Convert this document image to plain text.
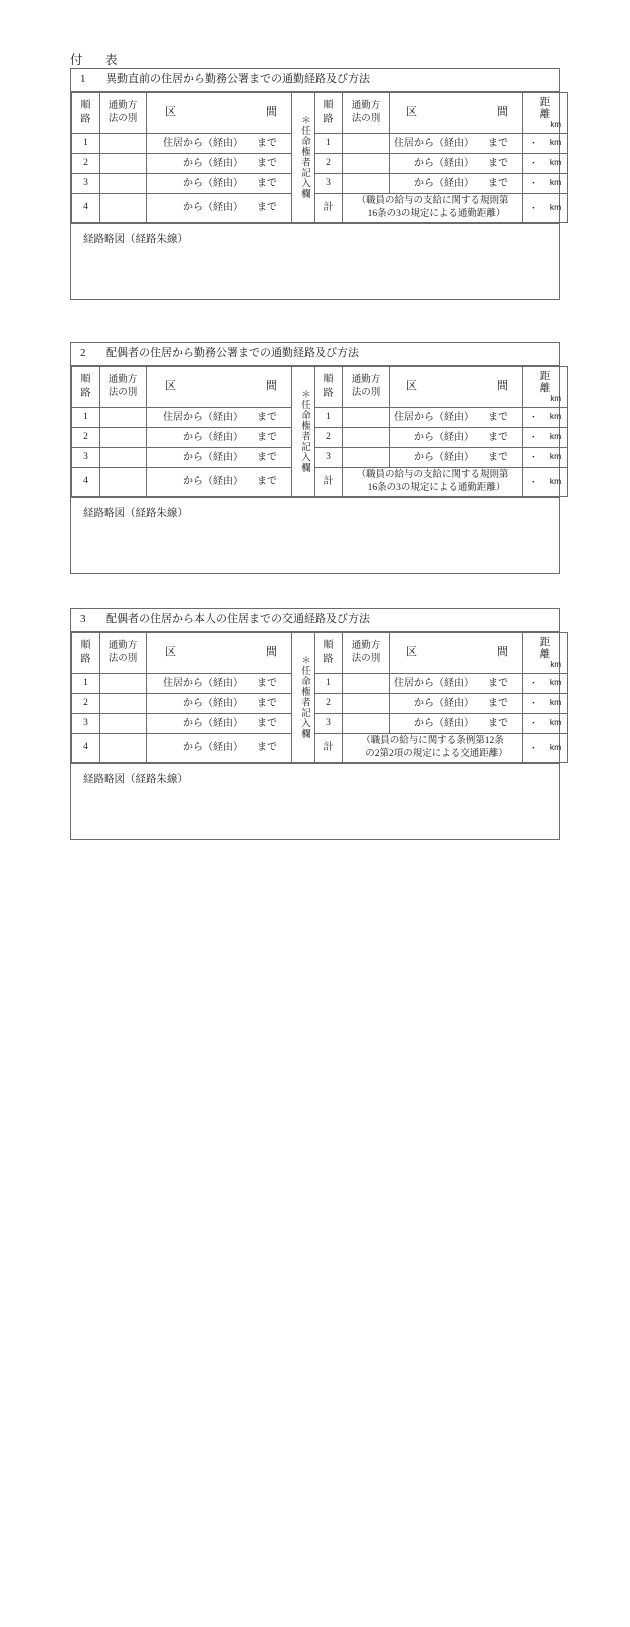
付　表
1 異動直前の住居から勤務公署までの通勤経路及び方法
順
路	通勤方
法の別	区 間	＊任命権者記入欄	順
路	通勤方
法の別	区 間	距　離
km

1		住居から（ 経由） まで		1		住居から（ 経由） まで	・ km

2		から（ 経由） まで		2		から（ 経由） まで	・ km

3		から（ 経由） まで		3		から（ 経由） まで	・ km

4		から（ 経由） まで		計	（職員の給与の支給に関する規則第
16条の3の規定による通勤距離）		・ km
経路略図（経路朱線）
2 配偶者の住居から勤務公署までの通勤経路及び方法
順
路	通勤方
法の別	区 間	＊任命権者記入欄	順
路	通勤方
法の別	区 間	距　離
km

1		住居から（ 経由） まで		1		住居から（ 経由） まで	・ km

2		から（ 経由） まで		2		から（ 経由） まで	・ km

3		から（ 経由） まで		3		から（ 経由） まで	・ km

4		から（ 経由） まで		計	（職員の給与の支給に関する規則第
16条の3の規定による通勤距離）		・ km
経路略図（経路朱線）
3 配偶者の住居から本人の住居までの交通経路及び方法
順
路	通勤方
法の別	区 間	＊任命権者記入欄	順
路	通勤方
法の別	区 間	距　離
km

1		住居から（ 経由） まで		1		住居から（ 経由） まで	・ km

2		から（ 経由） まで		2		から（ 経由） まで	・ km

3		から（ 経由） まで		3		から（ 経由） まで	・ km

4		から（ 経由） まで		計	（職員の給与に関する条例第12条
の2第2項の規定による交通距離）		・ km
経路略図（経路朱線）
